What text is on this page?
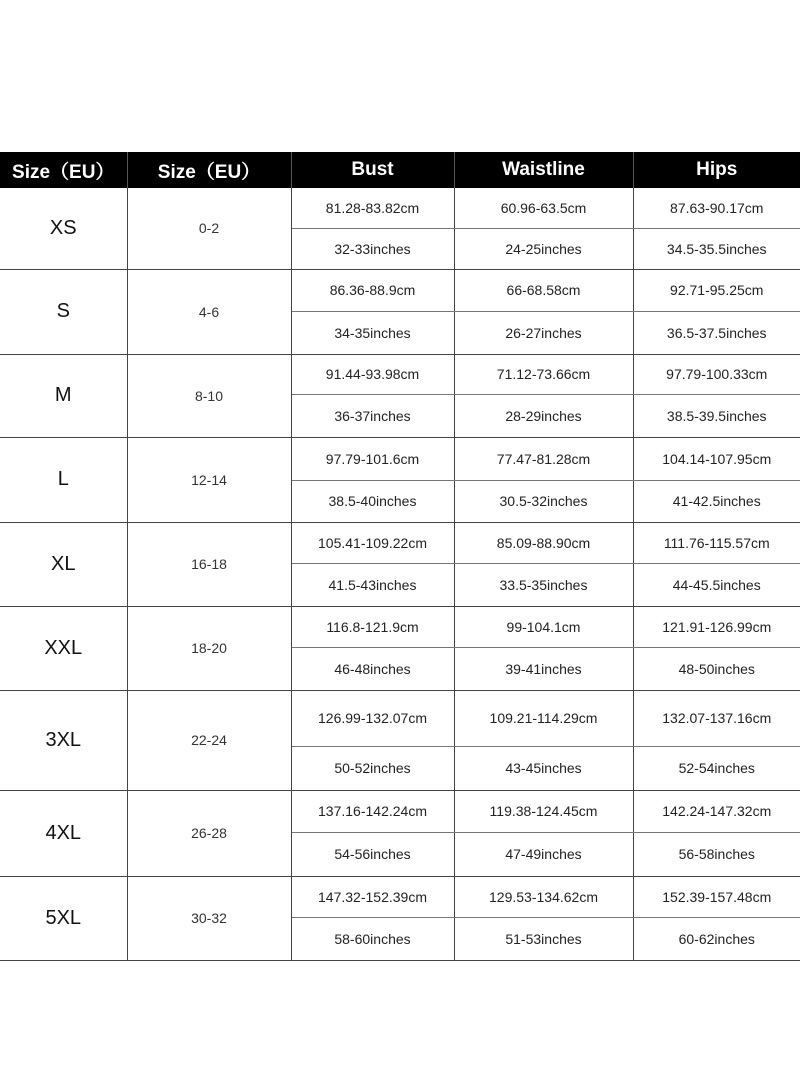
Size（EU）	Size（EU）	Bust	Waistline	Hips
XS	0-2	81.28-83.82cm	60.96-63.5cm	87.63-90.17cm
		32-33inches	24-25inches	34.5-35.5inches
S	4-6	86.36-88.9cm	66-68.58cm	92.71-95.25cm
		34-35inches	26-27inches	36.5-37.5inches
M	8-10	91.44-93.98cm	71.12-73.66cm	97.79-100.33cm
		36-37inches	28-29inches	38.5-39.5inches
L	12-14	97.79-101.6cm	77.47-81.28cm	104.14-107.95cm
		38.5-40inches	30.5-32inches	41-42.5inches
XL	16-18	105.41-109.22cm	85.09-88.90cm	111.76-115.57cm
		41.5-43inches	33.5-35inches	44-45.5inches
XXL	18-20	116.8-121.9cm	99-104.1cm	121.91-126.99cm
		46-48inches	39-41inches	48-50inches
3XL	22-24	126.99-132.07cm	109.21-114.29cm	132.07-137.16cm
		50-52inches	43-45inches	52-54inches
4XL	26-28	137.16-142.24cm	119.38-124.45cm	142.24-147.32cm
		54-56inches	47-49inches	56-58inches
5XL	30-32	147.32-152.39cm	129.53-134.62cm	152.39-157.48cm
		58-60inches	51-53inches	60-62inches
